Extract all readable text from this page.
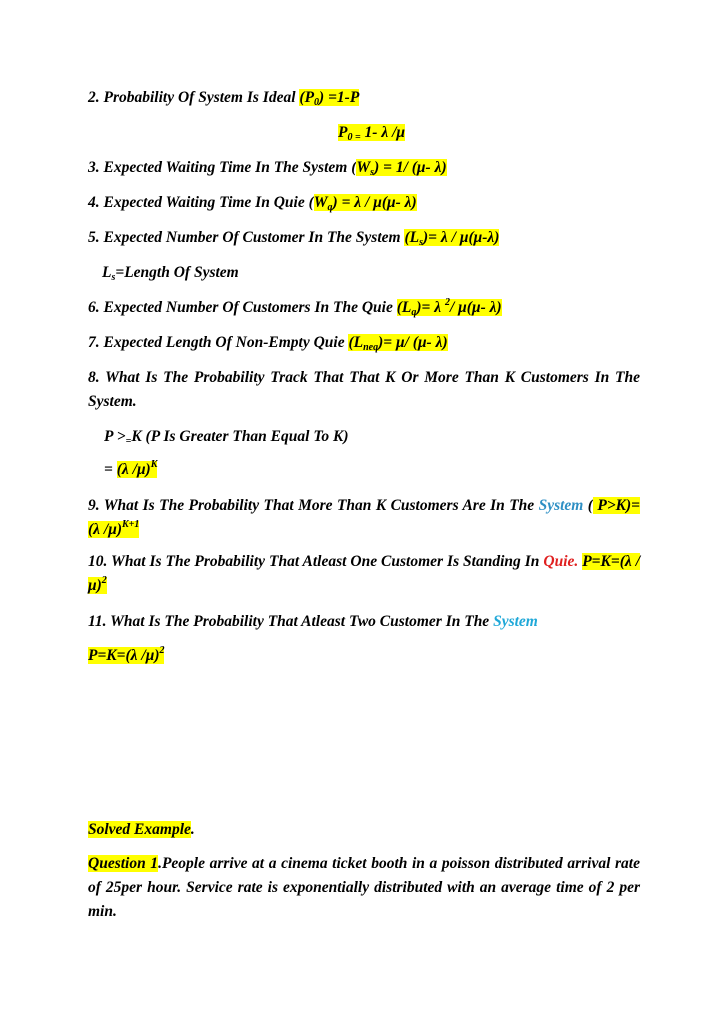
2. Probability Of System Is Ideal $(P_0) =1-P$
$P_{0 =}$ 1- λ /μ
3. Expected Waiting Time In The System $(W_s) = 1/$ (μ- λ)
4. Expected Waiting Time In Quie $(W_q) = \lambda / \mu(\mu-$ λ)
5. Expected Number Of Customer In The System $(L_s)= \lambda / \mu(\mu-\lambda)$
$L_s=Length$ Of System
6. Expected Number Of Customers In The Quie $(L_q)= \lambda$ $^2$/ μ(μ- λ)
7. Expected Length Of Non-Empty Quie $(L_{neq})= \mu/$ (μ- λ)
8. What Is The Probability Track That That K Or More Than K Customers In The System.
$P >_=K$ (P Is Greater Than Equal To K)
= (λ /μ)$^K$
9. What Is The Probability That More Than K Customers Are In The System ( P>K)= (λ /μ)$^{K+1}$
10. What Is The Probability That Atleast One Customer Is Standing In Quie. P=K=(λ /μ)$^2$
11. What Is The Probability That Atleast Two Customer In The System
P=K=(λ /μ)$^2$
Solved Example.
Question 1.People arrive at a cinema ticket booth in a poisson distributed arrival rate of 25per hour. Service rate is exponentially distributed with an average time of 2 per min.
